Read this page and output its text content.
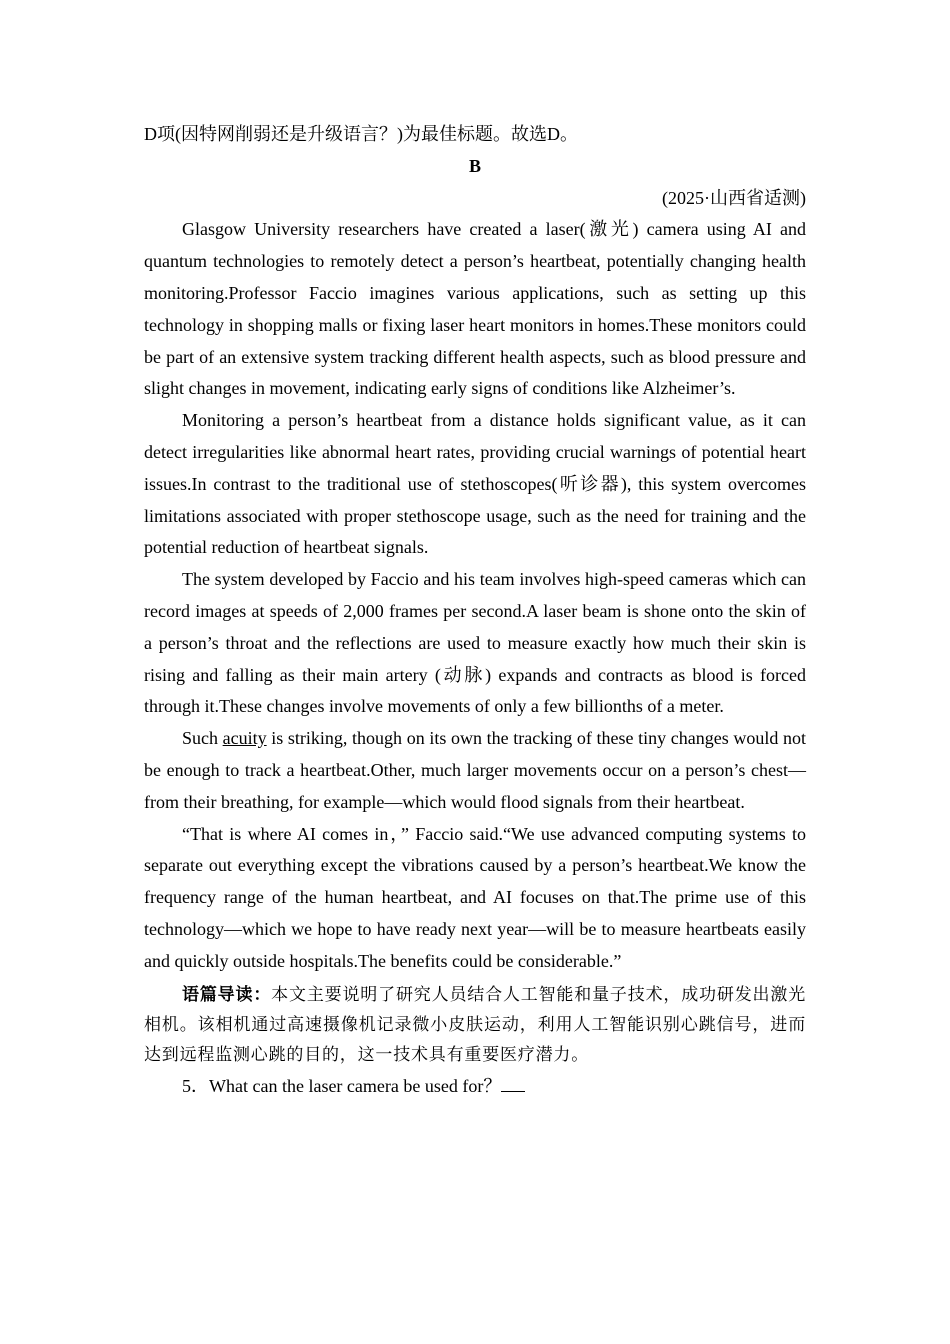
D项(因特网削弱还是升级语言？)为最佳标题。故选D。

B

(2025·山西省适测)

Glasgow University researchers have created a laser(激光) camera using AI and quantum technologies to remotely detect a person’s heartbeat, potentially changing health monitoring.Professor Faccio imagines various applications, such as setting up this technology in shopping malls or fixing laser heart monitors in homes.These monitors could be part of an extensive system tracking different health aspects, such as blood pressure and slight changes in movement, indicating early signs of conditions like Alzheimer’s.

Monitoring a person’s heartbeat from a distance holds significant value, as it can detect irregularities like abnormal heart rates, providing crucial warnings of potential heart issues.In contrast to the traditional use of stethoscopes(听诊器), this system overcomes limitations associated with proper stethoscope usage, such as the need for training and the potential reduction of heartbeat signals.

The system developed by Faccio and his team involves high-speed cameras which can record images at speeds of 2,000 frames per second.A laser beam is shone onto the skin of a person’s throat and the reflections are used to measure exactly how much their skin is rising and falling as their main artery (动脉) expands and contracts as blood is forced through it.These changes involve movements of only a few billionths of a meter.

Such acuity is striking, though on its own the tracking of these tiny changes would not be enough to track a heartbeat.Other, much larger movements occur on a person’s chest—from their breathing, for example—which would flood signals from their heartbeat.

“That is where AI comes in，” Faccio said.“We use advanced computing systems to separate out everything except the vibrations caused by a person’s heartbeat.We know the frequency range of the human heartbeat, and AI focuses on that.The prime use of this technology—which we hope to have ready next year—will be to measure heartbeats easily and quickly outside hospitals.The benefits could be considerable.”

语篇导读：本文主要说明了研究人员结合人工智能和量子技术，成功研发出激光相机。该相机通过高速摄像机记录微小皮肤运动，利用人工智能识别心跳信号，进而达到远程监测心跳的目的，这一技术具有重要医疗潜力。

5．What can the laser camera be used for？
